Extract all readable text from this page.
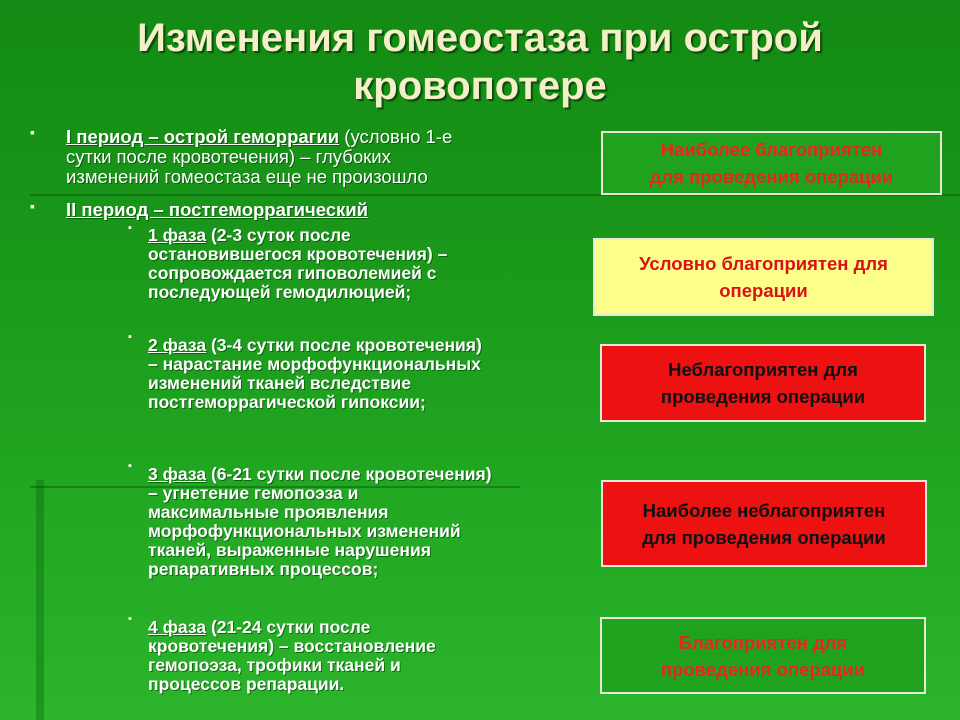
Изменения гомеостаза при острой
кровопотере
▪ I период – острой геморрагии (условно 1-е
сутки после кровотечения) – глубоких
изменений гомеостаза еще не произошло
▪ II период – постгеморрагический
▪ 1 фаза (2-3 суток после
остановившегося кровотечения) –
сопровождается гиповолемией с
последующей гемодилюцией;
▪ 2 фаза (3-4 сутки после кровотечения)
– нарастание морфофункциональных
изменений тканей вследствие
постгеморрагической гипоксии;
▪ 3 фаза (6-21 сутки после кровотечения)
– угнетение гемопоэза и
максимальные проявления
морфофункциональных изменений
тканей, выраженные нарушения
репаративных процессов;
▪ 4 фаза (21-24 сутки после
кровотечения) – восстановление
гемопоэза, трофики тканей и
процессов репарации.
Наиболее благоприятен
для проведения операции
Условно благоприятен для
операции
Неблагоприятен для
проведения операции
Наиболее неблагоприятен
для проведения операции
Благоприятен для
проведения операции
